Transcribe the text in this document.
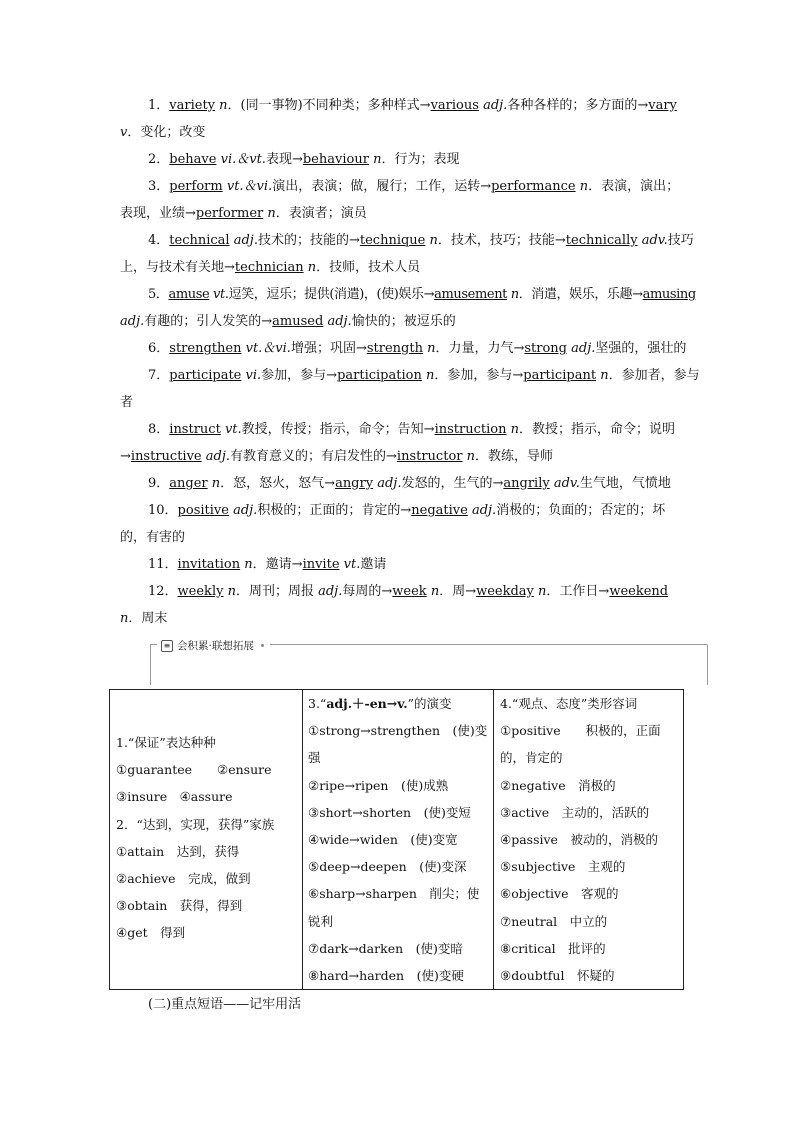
1．variety n．(同一事物)不同种类；多种样式→various adj.各种各样的；多方面的→vary
v．变化；改变
2．behave vi.＆vt.表现→behaviour n．行为；表现
3．perform vt.＆vi.演出，表演；做，履行；工作，运转→performance n．表演，演出；
表现，业绩→performer n．表演者；演员
4．technical adj.技术的；技能的→technique n．技术，技巧；技能→technically adv.技巧
上，与技术有关地→technician n．技师，技术人员
5．amuse vt.逗笑，逗乐；提供(消遣)，(使)娱乐→amusement n．消遣，娱乐，乐趣→amusing
adj.有趣的；引人发笑的→amused adj.愉快的；被逗乐的
6．strengthen vt.＆vi.增强；巩固→strength n．力量，力气→strong adj.坚强的，强壮的
7．participate vi.参加，参与→participation n．参加，参与→participant n．参加者，参与
者
8．instruct vt.教授，传授；指示，命令；告知→instruction n．教授；指示，命令；说明
→instructive adj.有教育意义的；有启发性的→instructor n．教练，导师
9．anger n．怒，怒火，怒气→angry adj.发怒的，生气的→angrily adv.生气地，气愤地
10．positive adj.积极的；正面的；肯定的→negative adj.消极的；负面的；否定的；坏
的，有害的
11．invitation n．邀请→invite vt.邀请
12．weekly n．周刊；周报 adj.每周的→week n．周→weekday n．工作日→weekend
n．周末
≡ 会积累·联想拓展
1.“保证”表达种种
①guarantee　　②ensure
③insure　④assure
2．“达到，实现，获得”家族
①attain　达到，获得
②achieve　完成，做到
③obtain　获得，得到
④get　得到
3.“adj.＋-en→v.”的演变
①strong→strengthen　(使)变
强
②ripe→ripen　(使)成熟
③short→shorten　(使)变短
④wide→widen　(使)变宽
⑤deep→deepen　(使)变深
⑥sharp→sharpen　削尖；使
锐利
⑦dark→darken　(使)变暗
⑧hard→harden　(使)变硬
4.“观点、态度”类形容词
①positive　　积极的，正面
的，肯定的
②negative　消极的
③active　主动的，活跃的
④passive　被动的，消极的
⑤subjective　主观的
⑥objective　客观的
⑦neutral　中立的
⑧critical　批评的
⑨doubtful　怀疑的
(二)重点短语——记牢用活
